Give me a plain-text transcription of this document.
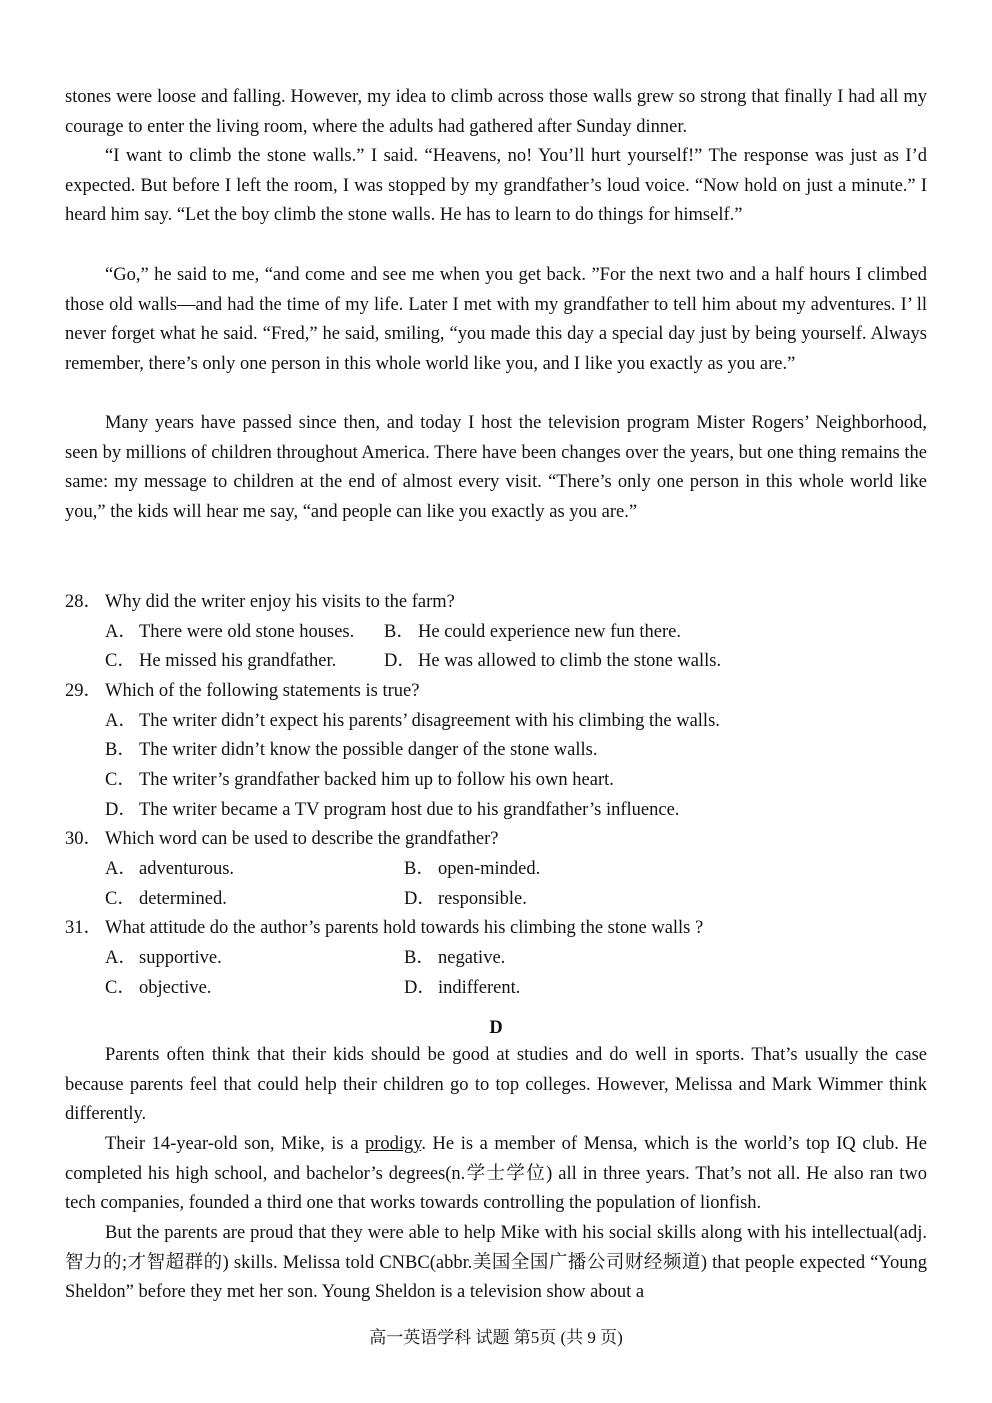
stones were loose and falling. However, my idea to climb across those walls grew so strong that finally I had all my courage to enter the living room, where the adults had gathered after Sunday dinner.

“I want to climb the stone walls.” I said. “Heavens, no! You’ll hurt yourself!” The response was just as I’d expected. But before I left the room, I was stopped by my grandfather’s loud voice. “Now hold on just a minute.” I heard him say. “Let the boy climb the stone walls. He has to learn to do things for himself.”

“Go,” he said to me, “and come and see me when you get back. ”For the next two and a half hours I climbed those old walls—and had the time of my life. Later I met with my grandfather to tell him about my adventures. I’ ll never forget what he said. “Fred,” he said, smiling, “you made this day a special day just by being yourself. Always remember, there’s only one person in this whole world like you, and I like you exactly as you are.”

Many years have passed since then, and today I host the television program Mister Rogers’ Neighborhood, seen by millions of children throughout America. There have been changes over the years, but one thing remains the same: my message to children at the end of almost every visit. “There’s only one person in this whole world like you,” the kids will hear me say, “and people can like you exactly as you are.”

28． Why did the writer enjoy his visits to the farm?
A． There were old stone houses. B． He could experience new fun there.
C． He missed his grandfather.	D． He was allowed to climb the stone walls.
29． Which of the following statements is true?
A． The writer didn’t expect his parents’ disagreement with his climbing the walls.
B． The writer didn’t know the possible danger of the stone walls.
C． The writer’s grandfather backed him up to follow his own heart.
D． The writer became a TV program host due to his grandfather’s influence.
30． Which word can be used to describe the grandfather?
A． adventurous.	B． open-minded.
C． determined.	D． responsible.
31． What attitude do the author’s parents hold towards his climbing the stone walls ?
A． supportive.	B． negative.
C． objective.	D． indifferent.
D

Parents often think that their kids should be good at studies and do well in sports. That’s usually the case because parents feel that could help their children go to top colleges. However, Melissa and Mark Wimmer think differently.

Their 14-year-old son, Mike, is a prodigy. He is a member of Mensa, which is the world’s top IQ club. He completed his high school, and bachelor’s degrees(n.学士学位) all in three years. That’s not all. He also ran two tech companies, founded a third one that works towards controlling the population of lionfish.

But the parents are proud that they were able to help Mike with his social skills along with his intellectual(adj.智力的;才智超群的) skills. Melissa told CNBC(abbr.美国全国广播公司财经频道) that people expected “Young Sheldon” before they met her son. Young Sheldon is a television show about a

高一英语学科 试题 第5页 (共 9 页)
